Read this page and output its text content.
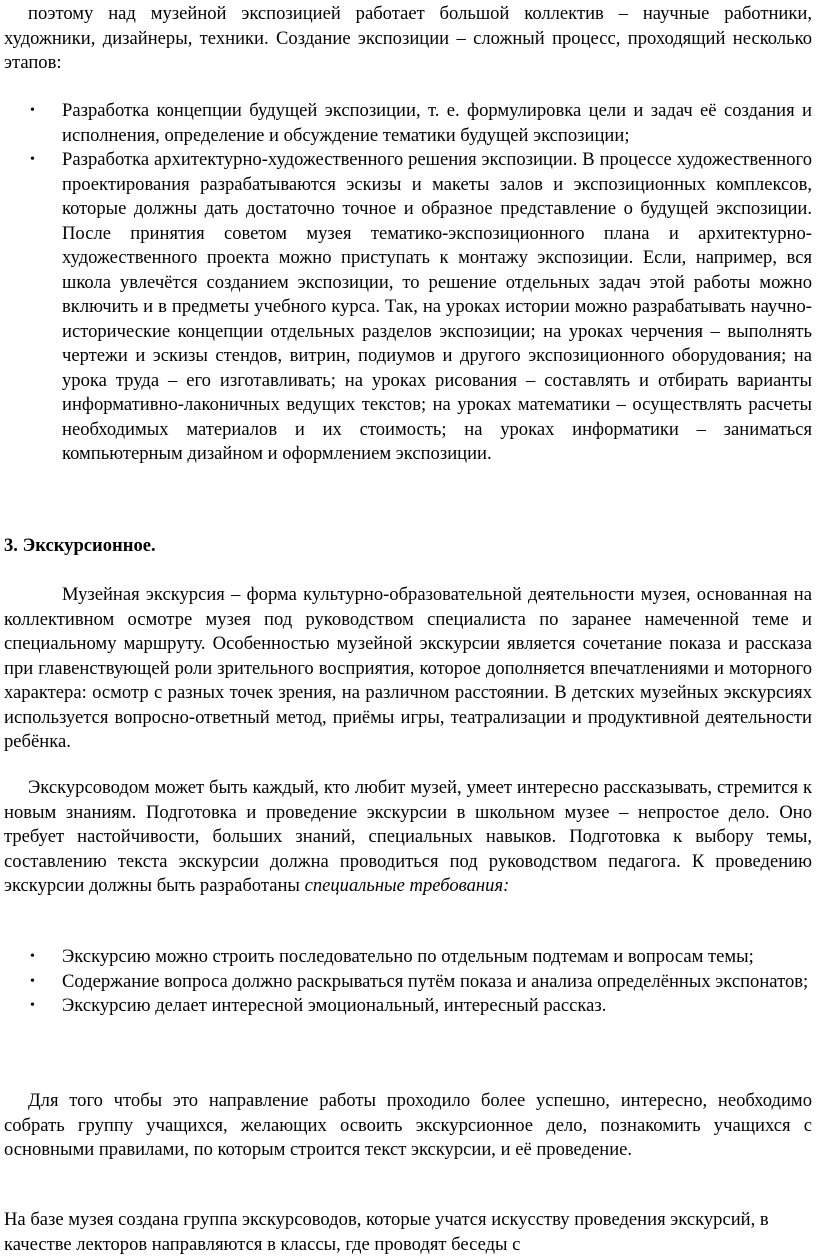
поэтому над музейной экспозицией работает большой коллектив – научные работники, художники, дизайнеры, техники. Создание экспозиции – сложный процесс, проходящий несколько этапов:

• Разработка концепции будущей экспозиции, т. е. формулировка цели и задач её создания и исполнения, определение и обсуждение тематики будущей экспозиции;
• Разработка архитектурно-художественного решения экспозиции. В процессе художественного проектирования разрабатываются эскизы и макеты залов и экспозиционных комплексов, которые должны дать достаточно точное и образное представление о будущей экспозиции. После принятия советом музея тематико-экспозиционного плана и архитектурно-художественного проекта можно приступать к монтажу экспозиции. Если, например, вся школа увлечётся созданием экспозиции, то решение отдельных задач этой работы можно включить и в предметы учебного курса. Так, на уроках истории можно разрабатывать научно-исторические концепции отдельных разделов экспозиции; на уроках черчения – выполнять чертежи и эскизы стендов, витрин, подиумов и другого экспозиционного оборудования; на урока труда – его изготавливать; на уроках рисования – составлять и отбирать варианты информативно-лаконичных ведущих текстов; на уроках математики – осуществлять расчеты необходимых материалов и их стоимость; на уроках информатики – заниматься компьютерным дизайном и оформлением экспозиции.
3. Экскурсионное.

Музейная экскурсия – форма культурно-образовательной деятельности музея, основанная на коллективном осмотре музея под руководством специалиста по заранее намеченной теме и специальному маршруту. Особенностью музейной экскурсии является сочетание показа и рассказа при главенствующей роли зрительного восприятия, которое дополняется впечатлениями и моторного характера: осмотр с разных точек зрения, на различном расстоянии. В детских музейных экскурсиях используется вопросно-ответный метод, приёмы игры, театрализации и продуктивной деятельности ребёнка.

Экскурсоводом может быть каждый, кто любит музей, умеет интересно рассказывать, стремится к новым знаниям. Подготовка и проведение экскурсии в школьном музее – непростое дело. Оно требует настойчивости, больших знаний, специальных навыков. Подготовка к выбору темы, составлению текста экскурсии должна проводиться под руководством педагога. К проведению экскурсии должны быть разработаны специальные требования:

• Экскурсию можно строить последовательно по отдельным подтемам и вопросам темы;
• Содержание вопроса должно раскрываться путём показа и анализа определённых экспонатов;
• Экскурсию делает интересной эмоциональный, интересный рассказ.

Для того чтобы это направление работы проходило более успешно, интересно, необходимо собрать группу учащихся, желающих освоить экскурсионное дело, познакомить учащихся с основными правилами, по которым строится текст экскурсии, и её проведение.

На базе музея создана группа экскурсоводов, которые учатся искусству проведения экскурсий, в качестве лекторов направляются в классы, где проводят беседы с
